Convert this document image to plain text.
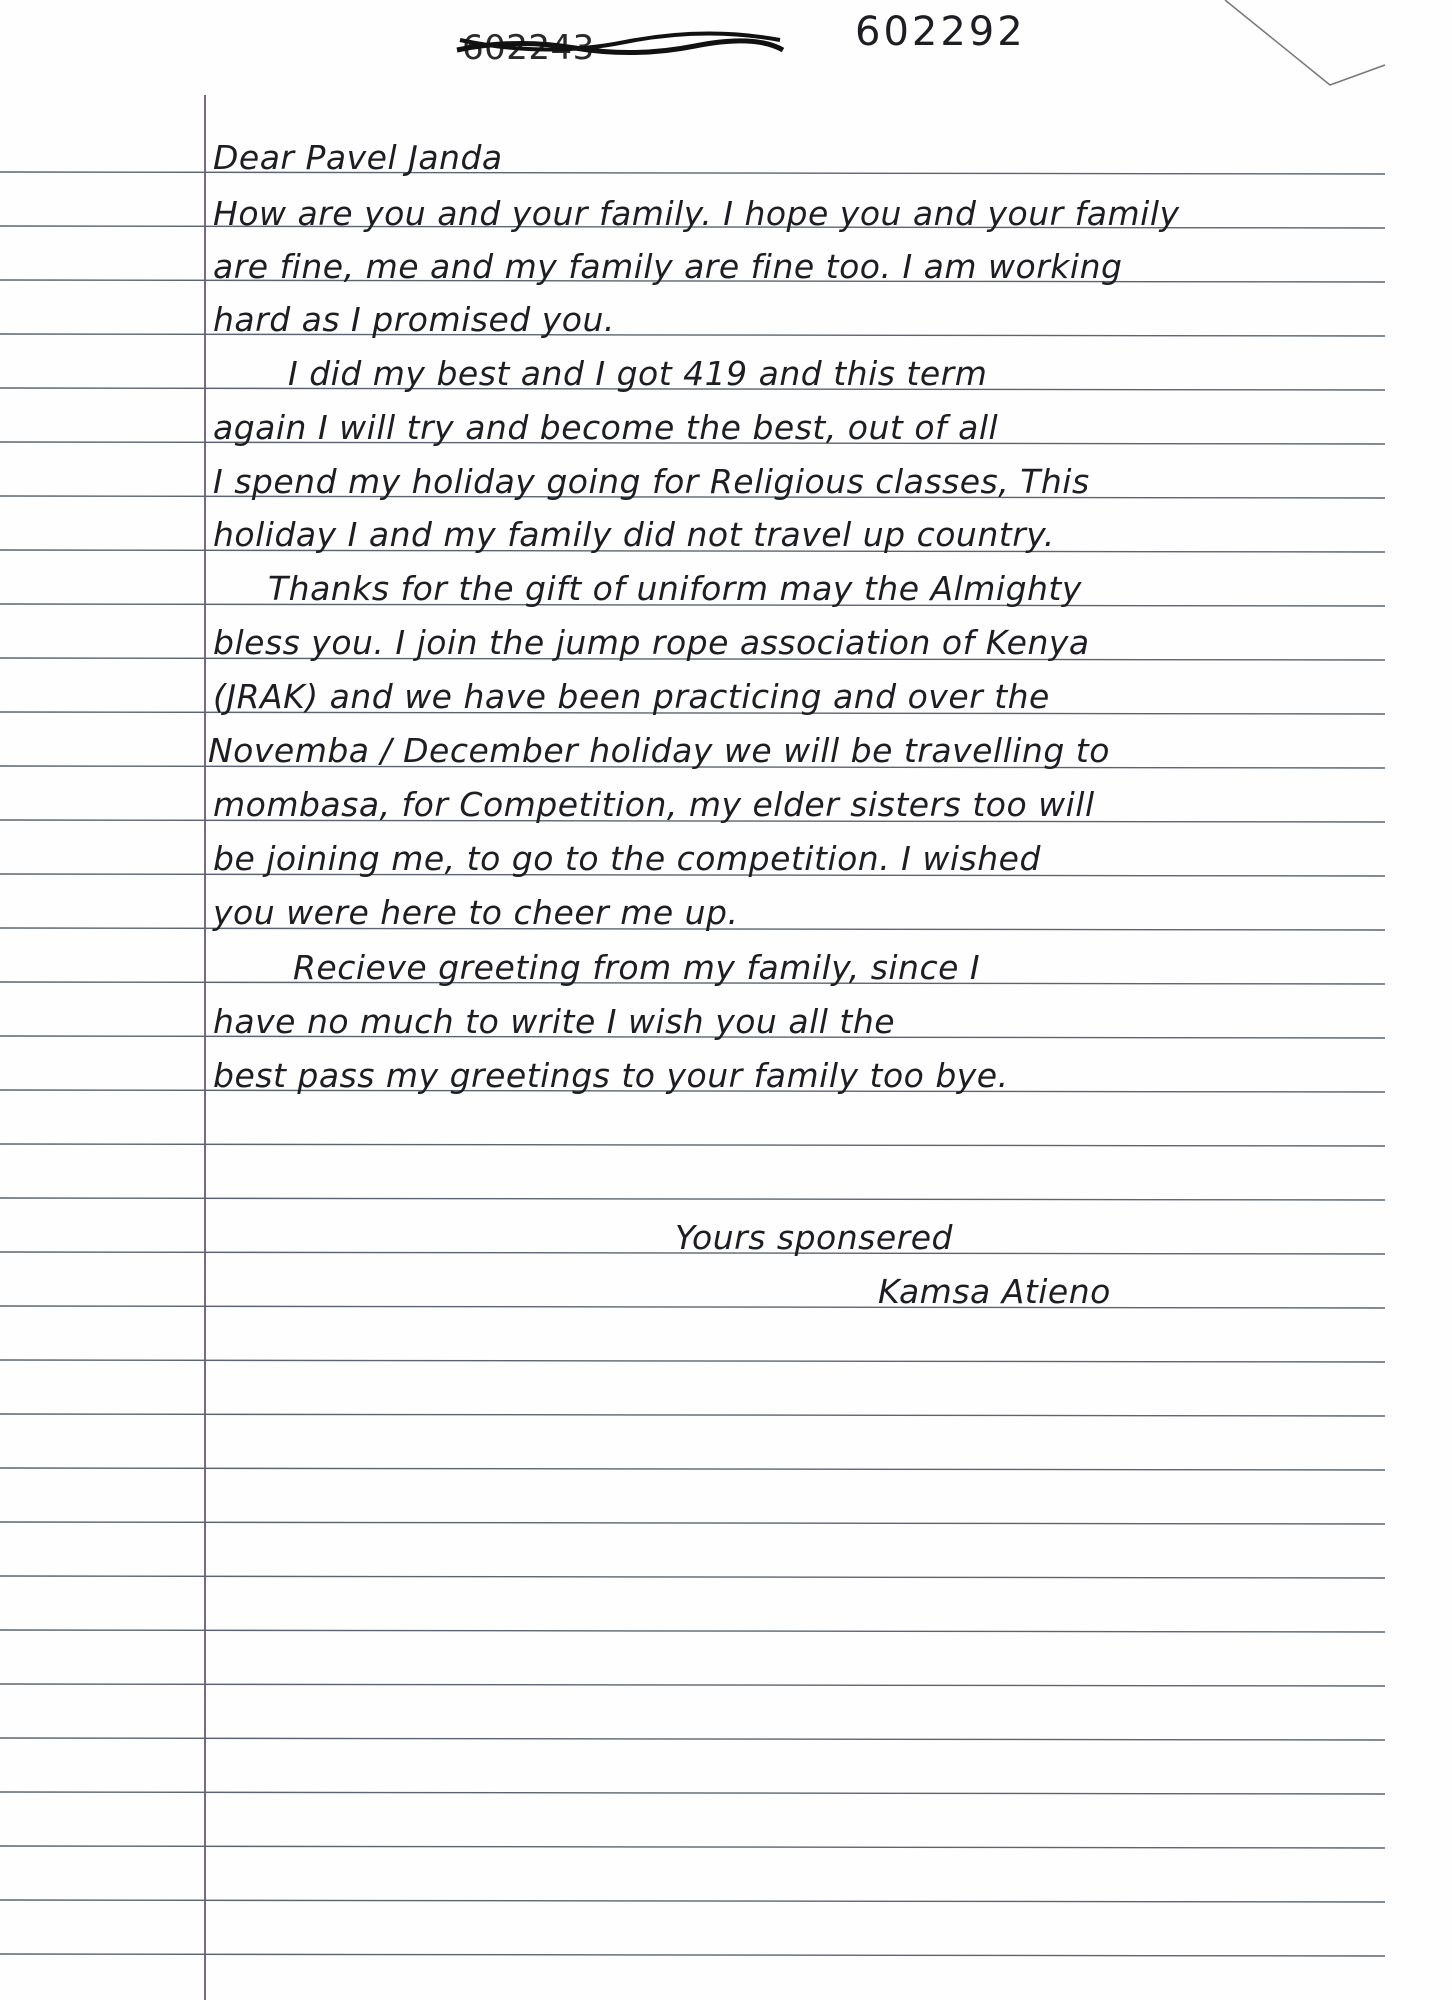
602243	602292
Dear Pavel Janda
How are you and your family. I hope you and your family
are fine, me and my family are fine too. I am working
hard as I promised you.
I did my best and I got 419 and this term
again I will try and become the best, out of all
I spend my holiday going for Religious classes, This
holiday I and my family did not travel up country.
Thanks for the gift of uniform may the Almighty
bless you. I join the jump rope association of Kenya
(JRAK) and we have been practicing and over the
Novemba / December holiday we will be travelling to
mombasa, for Competition, my elder sisters too will
be joining me, to go to the competition. I wished
you were here to cheer me up.
Recieve greeting from my family, since I
have no much to write I wish you all the
best pass my greetings to your family too bye.
Yours sponsered
Kamsa Atieno
